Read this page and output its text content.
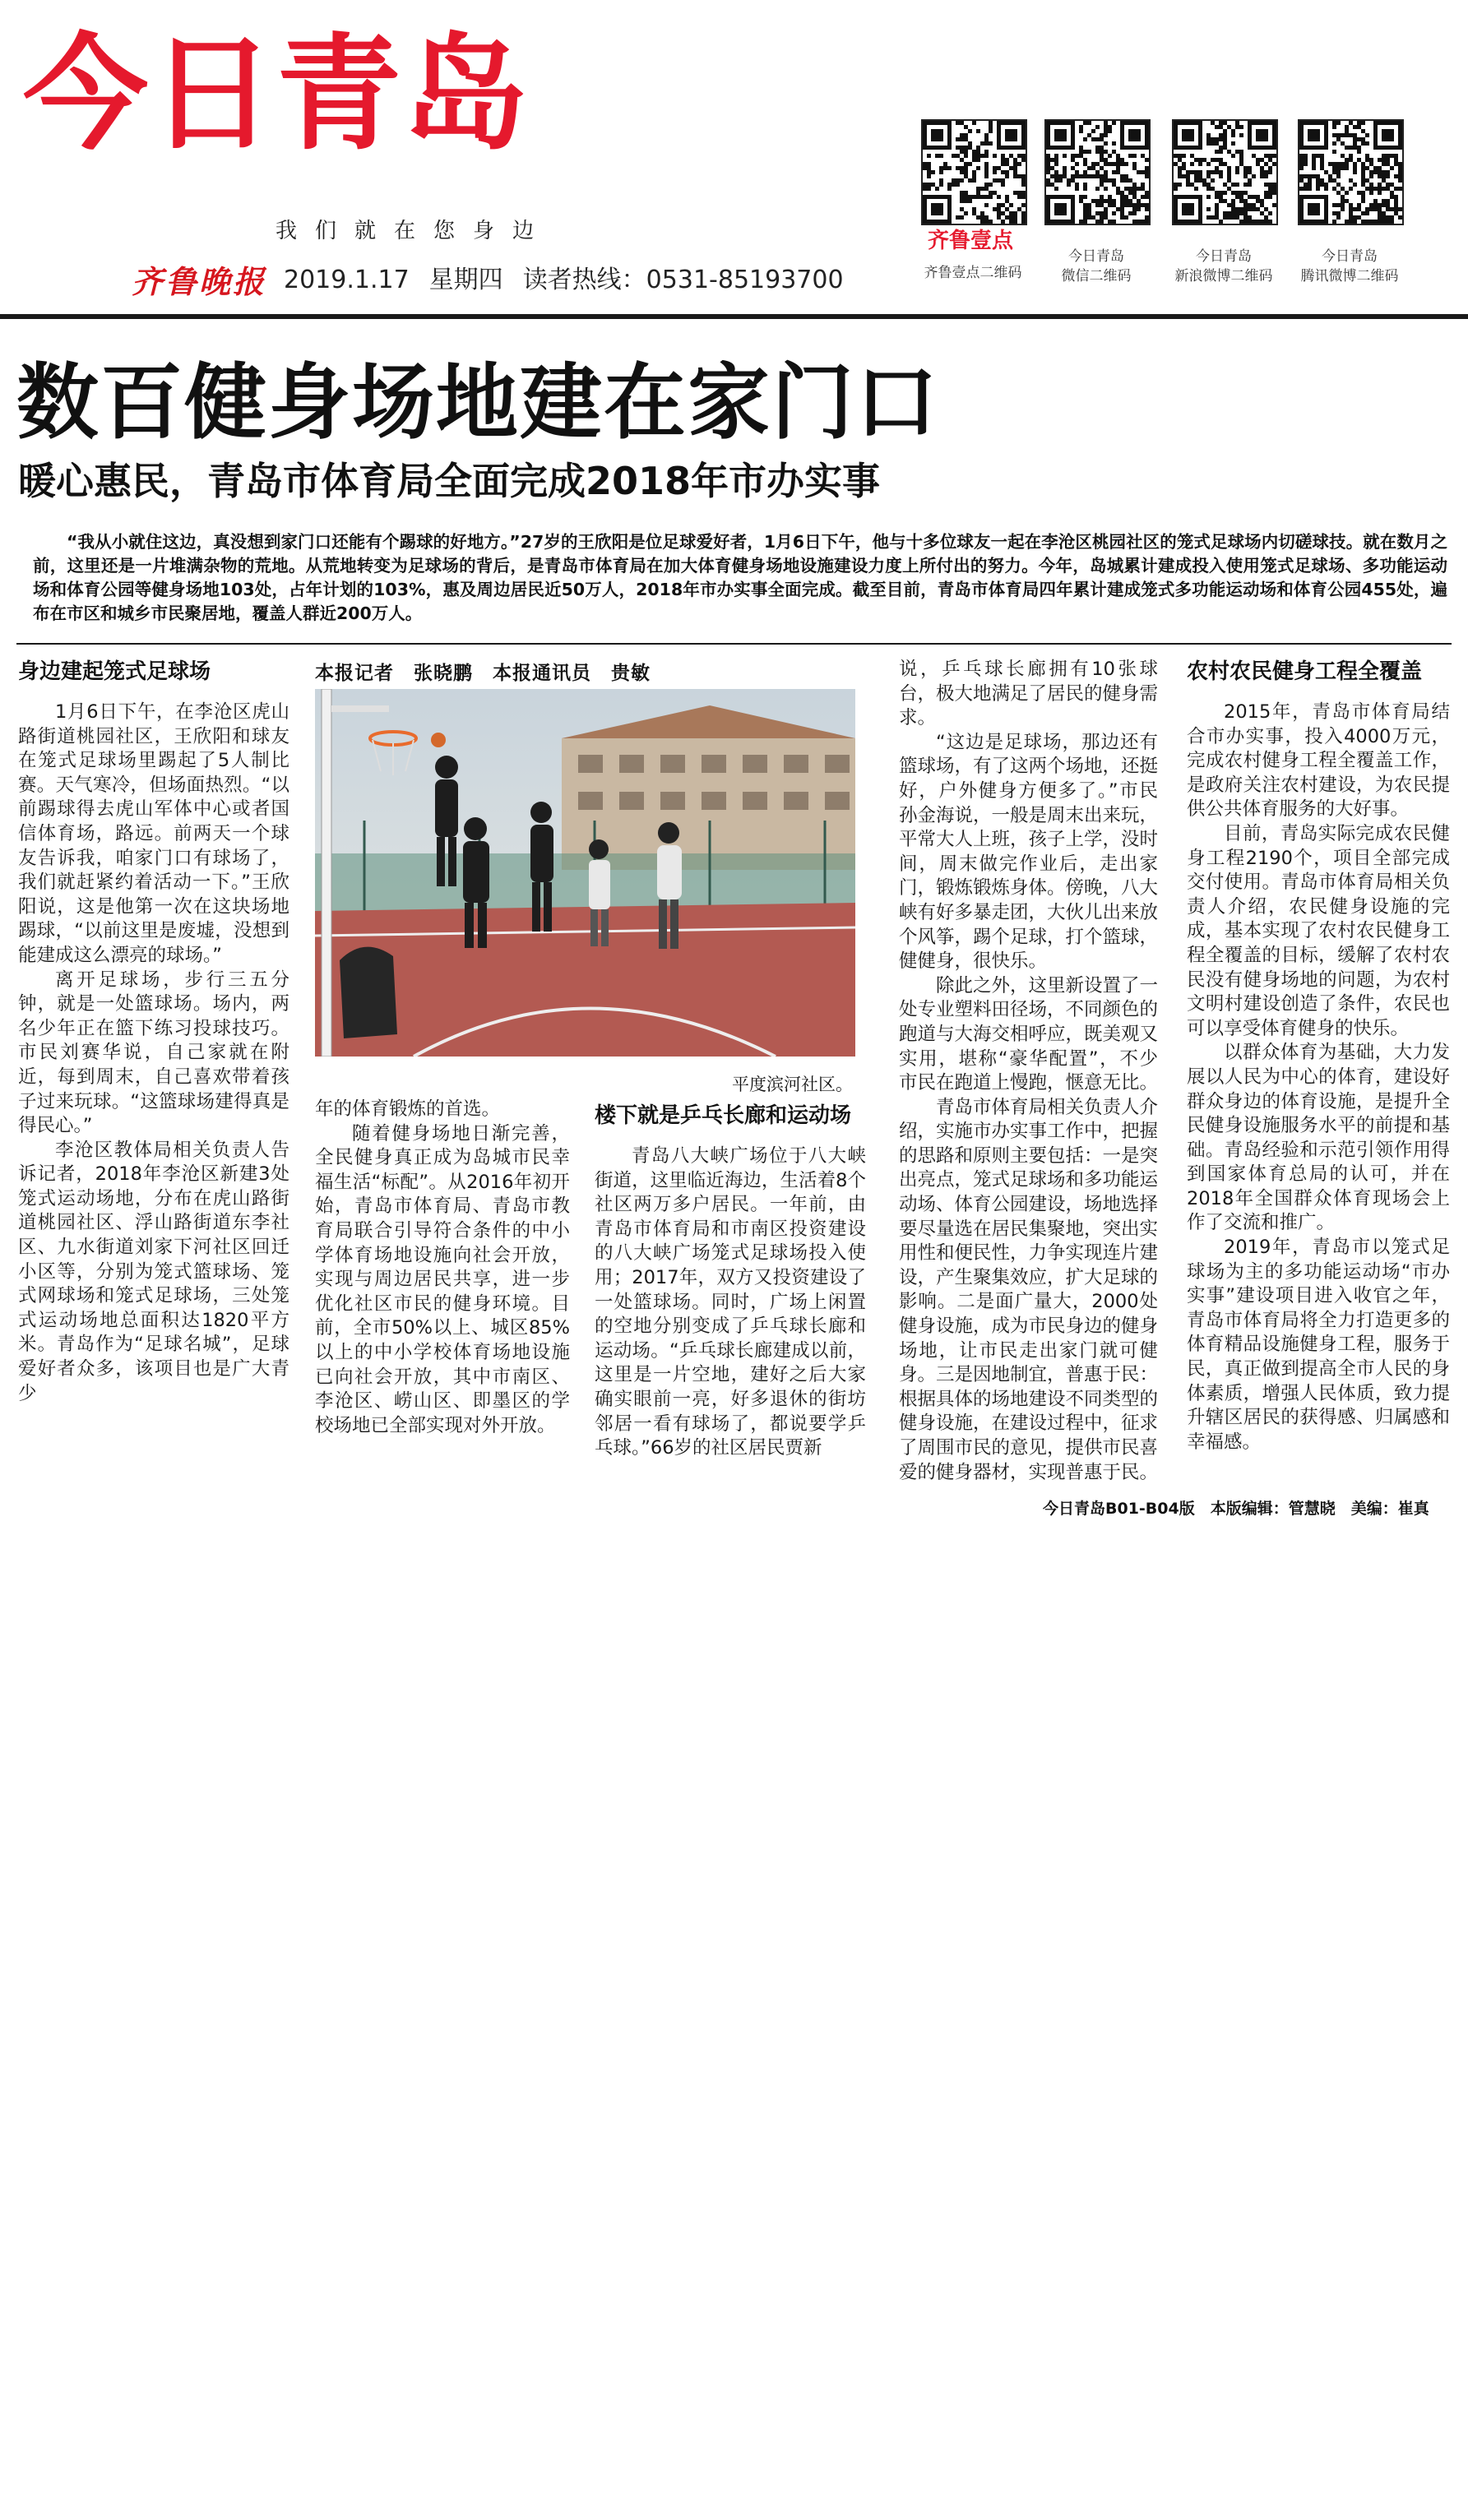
今日青岛
我们就在您身边
齐鲁晚报 2019.1.17 星期四 读者热线：0531-85193700
齐鲁壹点
齐鲁壹点二维码
今日青岛
微信二维码
今日青岛
新浪微博二维码
今日青岛
腾讯微博二维码
数百健身场地建在家门口
暖心惠民，青岛市体育局全面完成2018年市办实事
“我从小就住这边，真没想到家门口还能有个踢球的好地方。”27岁的王欣阳是位足球爱好者，1月6日下午，他与十多位球友一起在李沧区桃园社区的笼式足球场内切磋球技。就在数月之前，这里还是一片堆满杂物的荒地。从荒地转变为足球场的背后，是青岛市体育局在加大体育健身场地设施建设力度上所付出的努力。今年，岛城累计建成投入使用笼式足球场、多功能运动场和体育公园等健身场地103处，占年计划的103%，惠及周边居民近50万人，2018年市办实事全面完成。截至目前，青岛市体育局四年累计建成笼式多功能运动场和体育公园455处，遍布在市区和城乡市民聚居地，覆盖人群近200万人。
身边建起笼式足球场

1月6日下午，在李沧区虎山路街道桃园社区，王欣阳和球友在笼式足球场里踢起了5人制比赛。天气寒冷，但场面热烈。“以前踢球得去虎山军体中心或者国信体育场，路远。前两天一个球友告诉我，咱家门口有球场了，我们就赶紧约着活动一下。”王欣阳说，这是他第一次在这块场地踢球，“以前这里是废墟，没想到能建成这么漂亮的球场。”

离开足球场，步行三五分钟，就是一处篮球场。场内，两名少年正在篮下练习投球技巧。市民刘赛华说，自己家就在附近，每到周末，自己喜欢带着孩子过来玩球。“这篮球场建得真是得民心。”

李沧区教体局相关负责人告诉记者，2018年李沧区新建3处笼式运动场地，分布在虎山路街道桃园社区、浮山路街道东李社区、九水街道刘家下河社区回迁小区等，分别为笼式篮球场、笼式网球场和笼式足球场，三处笼式运动场地总面积达1820平方米。青岛作为“足球名城”，足球爱好者众多，该项目也是广大青少

本报记者　张晓鹏　本报通讯员　贵敏
平度滨河社区。
年的体育锻炼的首选。

随着健身场地日渐完善，全民健身真正成为岛城市民幸福生活“标配”。从2016年初开始，青岛市体育局、青岛市教育局联合引导符合条件的中小学体育场地设施向社会开放，实现与周边居民共享，进一步优化社区市民的健身环境。目前，全市50%以上、城区85%以上的中小学校体育场地设施已向社会开放，其中市南区、李沧区、崂山区、即墨区的学校场地已全部实现对外开放。

楼下就是乒乓长廊和运动场

青岛八大峡广场位于八大峡街道，这里临近海边，生活着8个社区两万多户居民。一年前，由青岛市体育局和市南区投资建设的八大峡广场笼式足球场投入使用；2017年，双方又投资建设了一处篮球场。同时，广场上闲置的空地分别变成了乒乓球长廊和运动场。“乒乓球长廊建成以前，这里是一片空地，建好之后大家确实眼前一亮，好多退休的街坊邻居一看有球场了，都说要学乒乓球。”66岁的社区居民贾新

说，乒乓球长廊拥有10张球台，极大地满足了居民的健身需求。

“这边是足球场，那边还有篮球场，有了这两个场地，还挺好，户外健身方便多了。”市民孙金海说，一般是周末出来玩，平常大人上班，孩子上学，没时间，周末做完作业后，走出家门，锻炼锻炼身体。傍晚，八大峡有好多暴走团，大伙儿出来放个风筝，踢个足球，打个篮球，健健身，很快乐。

除此之外，这里新设置了一处专业塑料田径场，不同颜色的跑道与大海交相呼应，既美观又实用，堪称“豪华配置”，不少市民在跑道上慢跑，惬意无比。

青岛市体育局相关负责人介绍，实施市办实事工作中，把握的思路和原则主要包括：一是突出亮点，笼式足球场和多功能运动场、体育公园建设，场地选择要尽量选在居民集聚地，突出实用性和便民性，力争实现连片建设，产生聚集效应，扩大足球的影响。二是面广量大，2000处健身设施，成为市民身边的健身场地，让市民走出家门就可健身。三是因地制宜，普惠于民：根据具体的场地建设不同类型的健身设施，在建设过程中，征求了周围市民的意见，提供市民喜爱的健身器材，实现普惠于民。

农村农民健身工程全覆盖

2015年，青岛市体育局结合市办实事，投入4000万元，完成农村健身工程全覆盖工作，是政府关注农村建设，为农民提供公共体育服务的大好事。

目前，青岛实际完成农民健身工程2190个，项目全部完成交付使用。青岛市体育局相关负责人介绍，农民健身设施的完成，基本实现了农村农民健身工程全覆盖的目标，缓解了农村农民没有健身场地的问题，为农村文明村建设创造了条件，农民也可以享受体育健身的快乐。

以群众体育为基础，大力发展以人民为中心的体育，建设好群众身边的体育设施，是提升全民健身设施服务水平的前提和基础。青岛经验和示范引领作用得到国家体育总局的认可，并在2018年全国群众体育现场会上作了交流和推广。

2019年，青岛市以笼式足球场为主的多功能运动场“市办实事”建设项目进入收官之年，青岛市体育局将全力打造更多的体育精品设施健身工程，服务于民，真正做到提高全市人民的身体素质，增强人民体质，致力提升辖区居民的获得感、归属感和幸福感。

今日青岛B01-B04版　本版编辑：管慧晓　美编：崔真
